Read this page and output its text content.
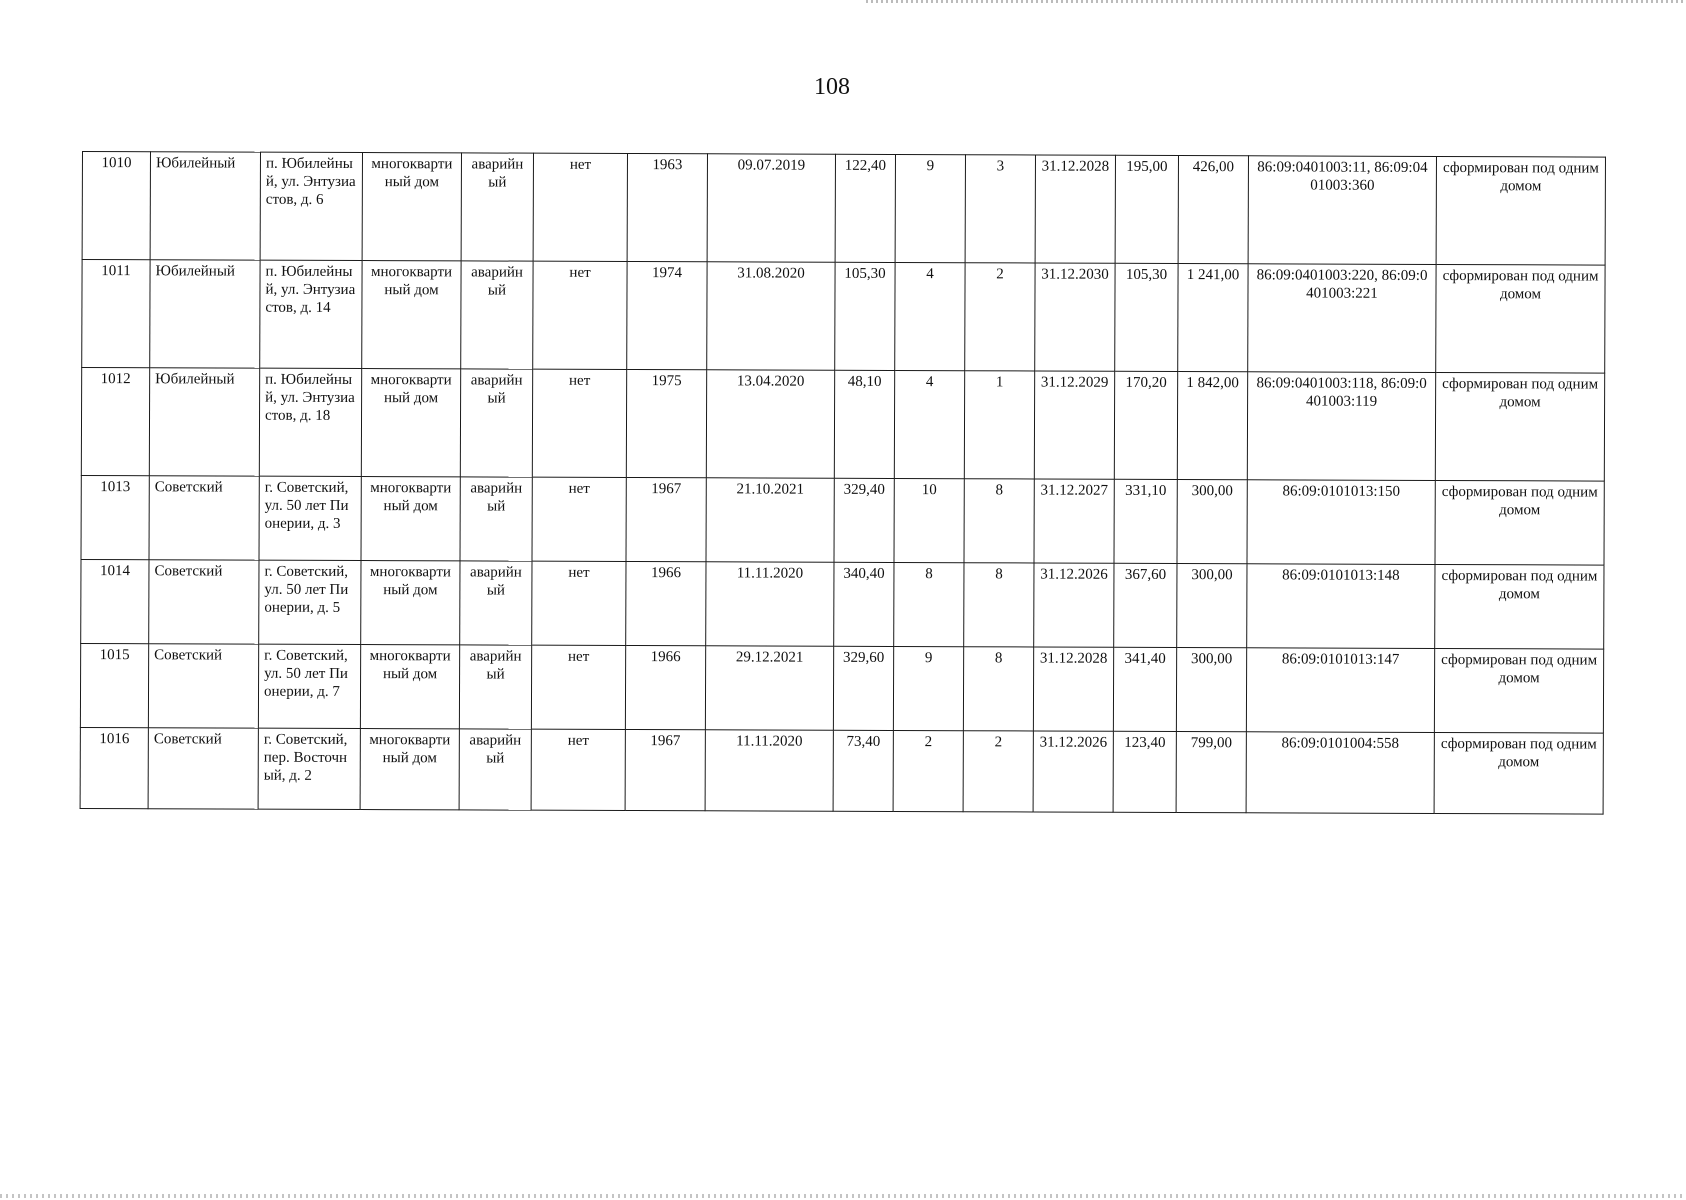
108
1010	Юбилейный	п. Юбилейный, ул. Энтузиастов, д. 6	многоквартиный дом	аварийный	нет	1963	09.07.2019	122,40	9	3	31.12.2028	195,00	426,00	86:09:0401003:11, 86:09:0401003:360	сформирован под одним домом
1011	Юбилейный	п. Юбилейный, ул. Энтузиастов, д. 14	многоквартиный дом	аварийный	нет	1974	31.08.2020	105,30	4	2	31.12.2030	105,30	1 241,00	86:09:0401003:220, 86:09:0401003:221	сформирован под одним домом
1012	Юбилейный	п. Юбилейный, ул. Энтузиастов, д. 18	многоквартиный дом	аварийный	нет	1975	13.04.2020	48,10	4	1	31.12.2029	170,20	1 842,00	86:09:0401003:118, 86:09:0401003:119	сформирован под одним домом
1013	Советский	г. Советский, ул. 50 лет Пионерии, д. 3	многоквартиный дом	аварийный	нет	1967	21.10.2021	329,40	10	8	31.12.2027	331,10	300,00	86:09:0101013:150	сформирован под одним домом
1014	Советский	г. Советский, ул. 50 лет Пионерии, д. 5	многоквартиный дом	аварийный	нет	1966	11.11.2020	340,40	8	8	31.12.2026	367,60	300,00	86:09:0101013:148	сформирован под одним домом
1015	Советский	г. Советский, ул. 50 лет Пионерии, д. 7	многоквартиный дом	аварийный	нет	1966	29.12.2021	329,60	9	8	31.12.2028	341,40	300,00	86:09:0101013:147	сформирован под одним домом
1016	Советский	г. Советский, пер. Восточный, д. 2	многоквартиный дом	аварийный	нет	1967	11.11.2020	73,40	2	2	31.12.2026	123,40	799,00	86:09:0101004:558	сформирован под одним домом
